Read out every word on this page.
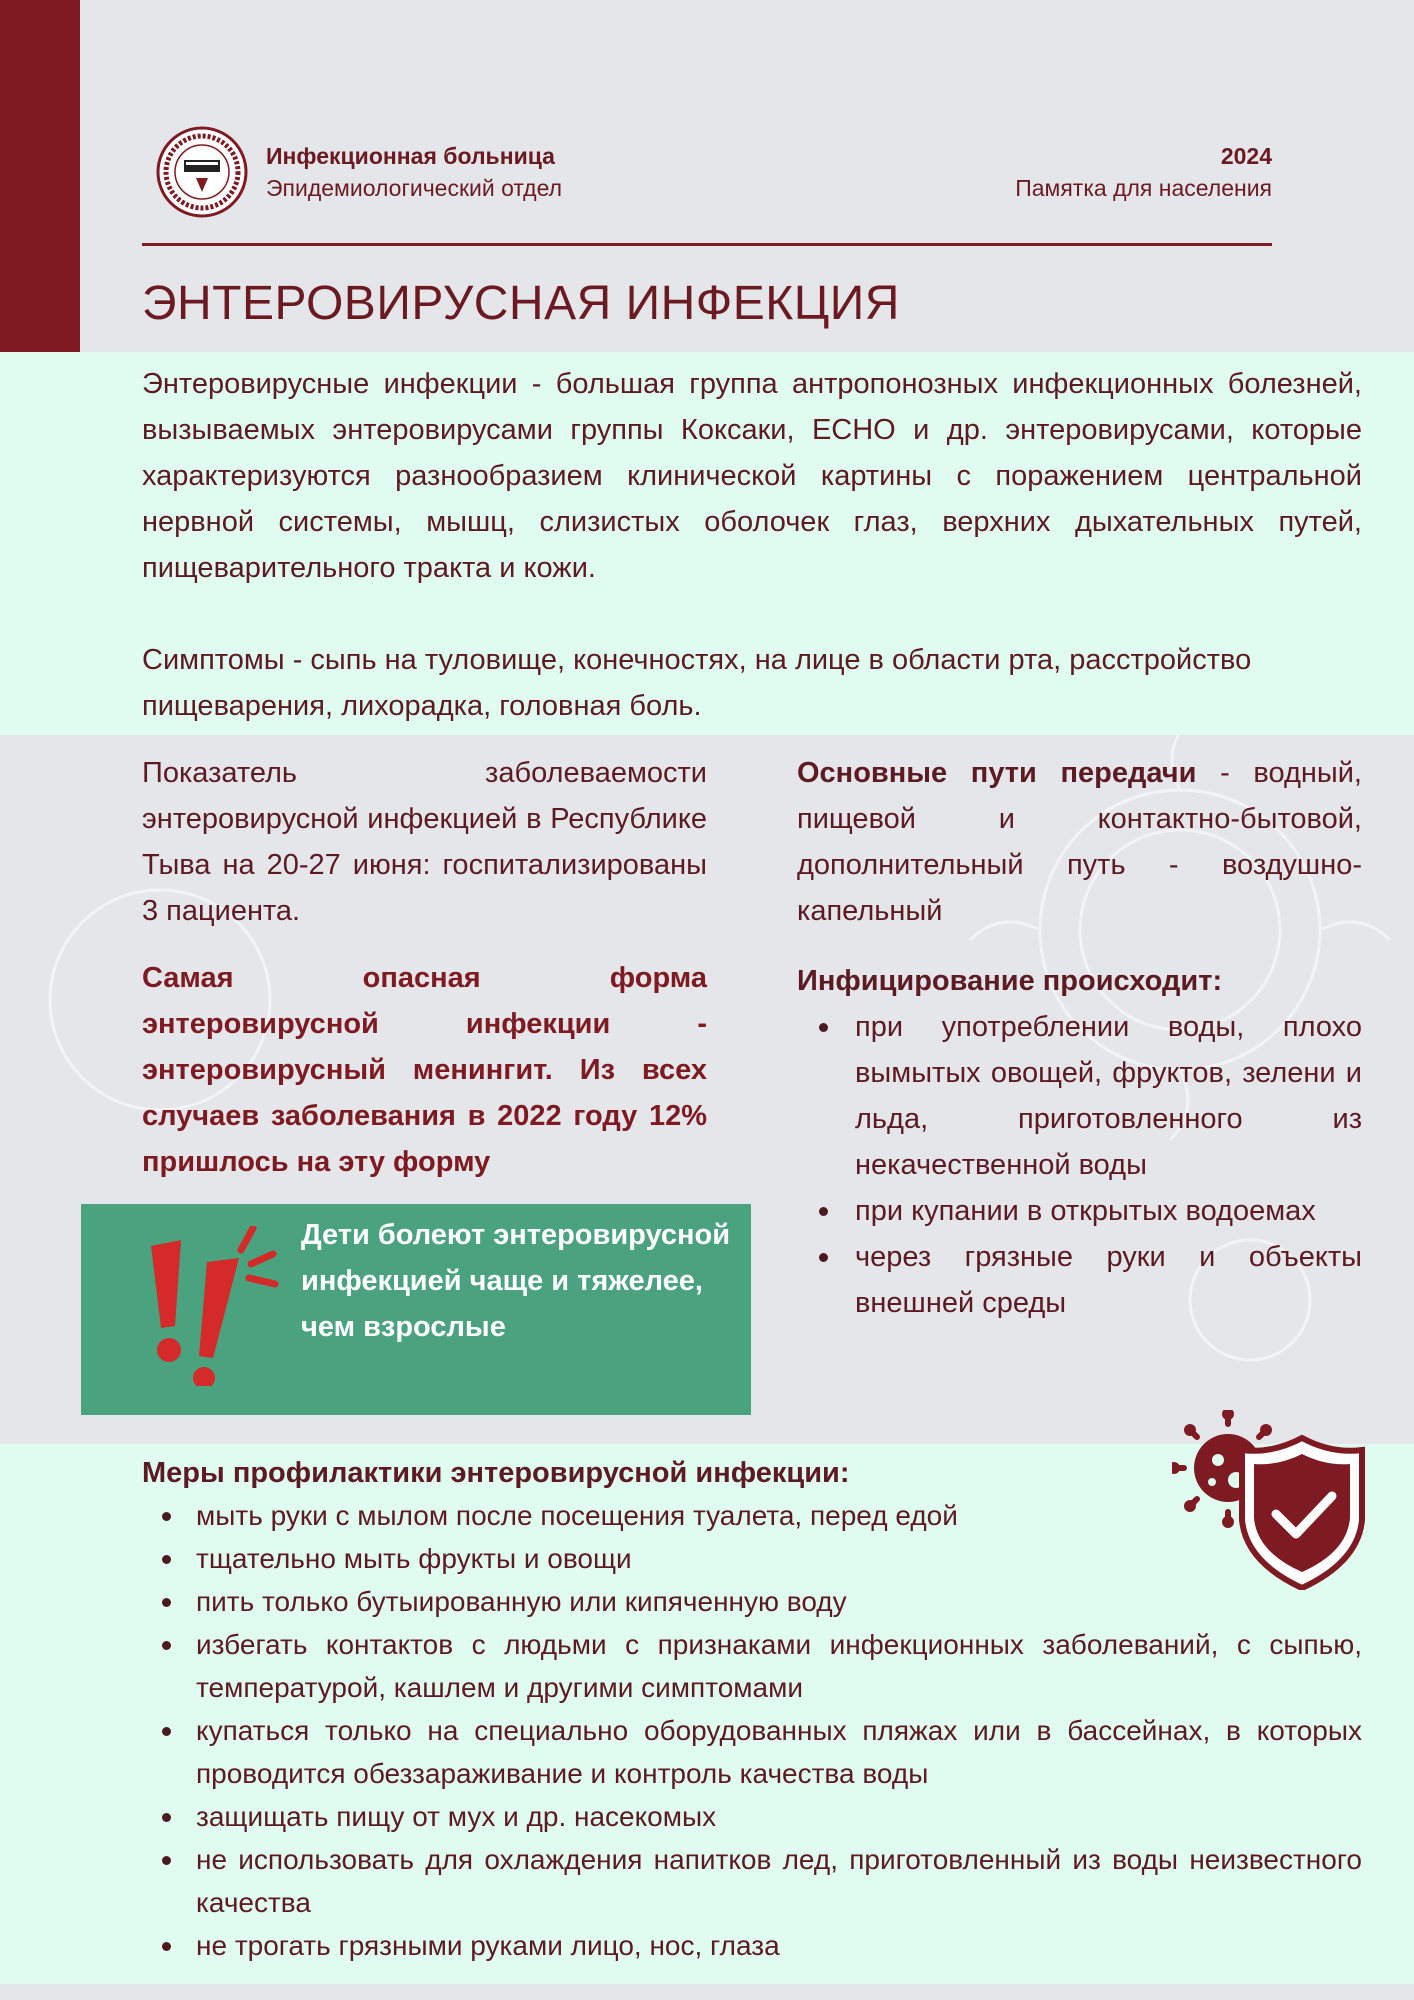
Инфекционная больница
Эпидемиологический отдел
2024
Памятка для населения
ЭНТЕРОВИРУСНАЯ ИНФЕКЦИЯ
Энтеровирусные инфекции - большая группа антропонозных инфекционных болезней, вызываемых энтеровирусами группы Коксаки, ECHO и др. энтеровирусами, которые характеризуются разнообразием клинической картины с поражением центральной нервной системы, мышц, слизистых оболочек глаз, верхних дыхательных путей, пищеварительного тракта и кожи.
Симптомы - сыпь на туловище, конечностях, на лице в области рта, расстройство пищеварения, лихорадка, головная боль.
Показатель заболеваемости энтеровирусной инфекцией в Республике Тыва на 20-27 июня: госпитализированы 3 пациента.
Самая опасная форма энтеровирусной инфекции - энтеровирусный менингит. Из всех случаев заболевания в 2022 году 12% пришлось на эту форму
Основные пути передачи - водный, пищевой и контактно-бытовой, дополнительный путь - воздушно-капельный
Инфицирование происходит:
при употреблении воды, плохо вымытых овощей, фруктов, зелени и льда, приготовленного из некачественной воды
при купании в открытых водоемах
через грязные руки и объекты внешней среды
Дети болеют энтеровирусной инфекцией чаще и тяжелее, чем взрослые
Меры профилактики энтеровирусной инфекции:
мыть руки с мылом после посещения туалета, перед едой
тщательно мыть фрукты и овощи
пить только бутыированную или кипяченную воду
избегать контактов с людьми с признаками инфекционных заболеваний, с сыпью, температурой, кашлем и другими симптомами
купаться только на специально оборудованных пляжах или в бассейнах, в которых проводится обеззараживание и контроль качества воды
защищать пищу от мух и др. насекомых
не использовать для охлаждения напитков лед, приготовленный из воды неизвестного качества
не трогать грязными руками лицо, нос, глаза
